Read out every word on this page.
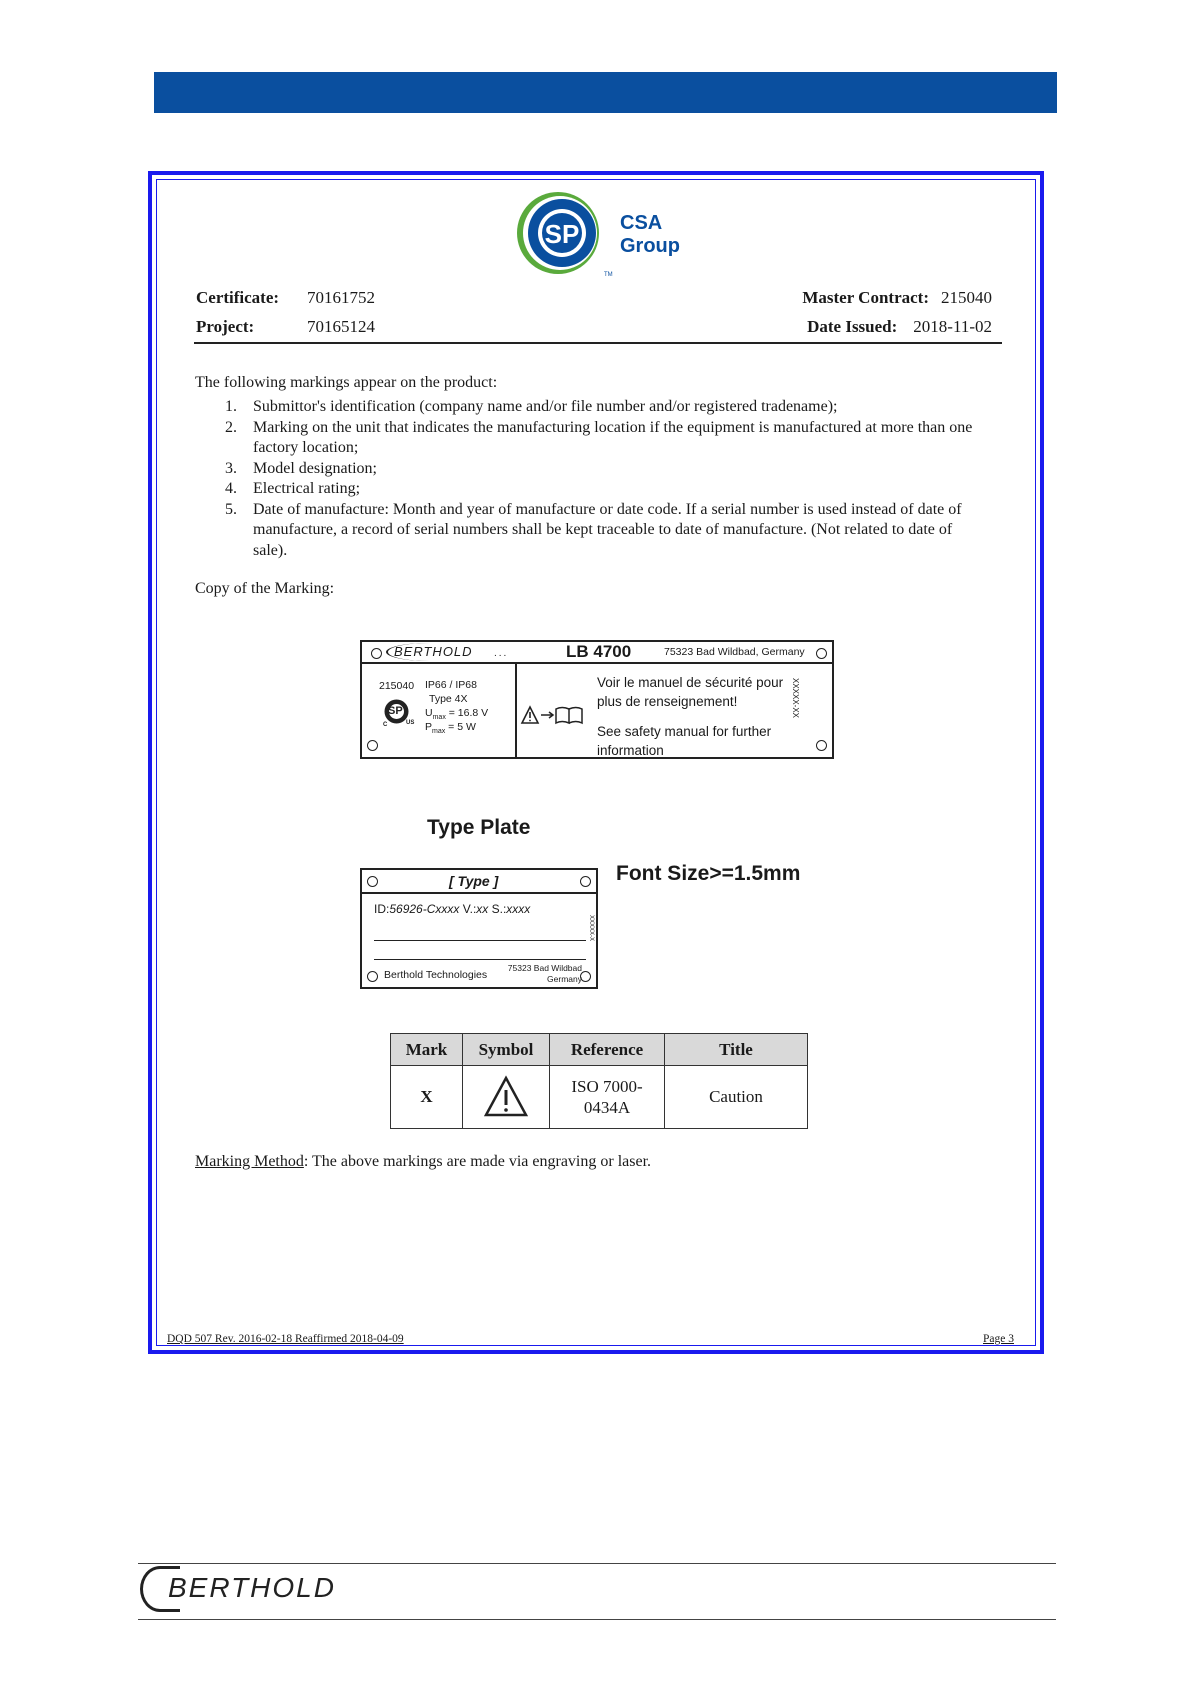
SP
TM
CSA
Group
Certificate: 70161752
Project:	70165124
Master Contract: 215040
Date Issued: 2018-11-02
The following markings appear on the product:
1. Submittor's identification (company name and/or file number and/or registered tradename);
2. Marking on the unit that indicates the manufacturing location if the equipment is manufactured at more than one factory location;
3. Model designation;
4. Electrical rating;
5. Date of manufacture: Month and year of manufacture or date code. If a serial number is used instead of date of manufacture, a record of serial numbers shall be kept traceable to date of manufacture. (Not related to date of sale).
Copy of the Marking:
BERTHOLD ...	LB 4700	75323 Bad Wildbad, Germany
215040 IP66 / IP68
Type 4X
$U_{max} = 16.8$ V
$P_{max} = 5$ W
SP
C	US
Voir le manuel de sécurité pour
plus de renseignement!
See safety manual for further
information
XXXXX-XX
Type Plate
[ Type ]
ID:56926-Cxxxx V.:xx S.:xxxx
Berthold Technologies
75323 Bad Wildbad
Germany
XXXXX-X
Font Size>=1.5mm
Mark	Symbol	Reference	Title
X		ISO 7000-0434A	Caution
Marking Method: The above markings are made via engraving or laser.
DQD 507 Rev. 2016-02-18 Reaffirmed 2018-04-09	Page 3
BERTHOLD
